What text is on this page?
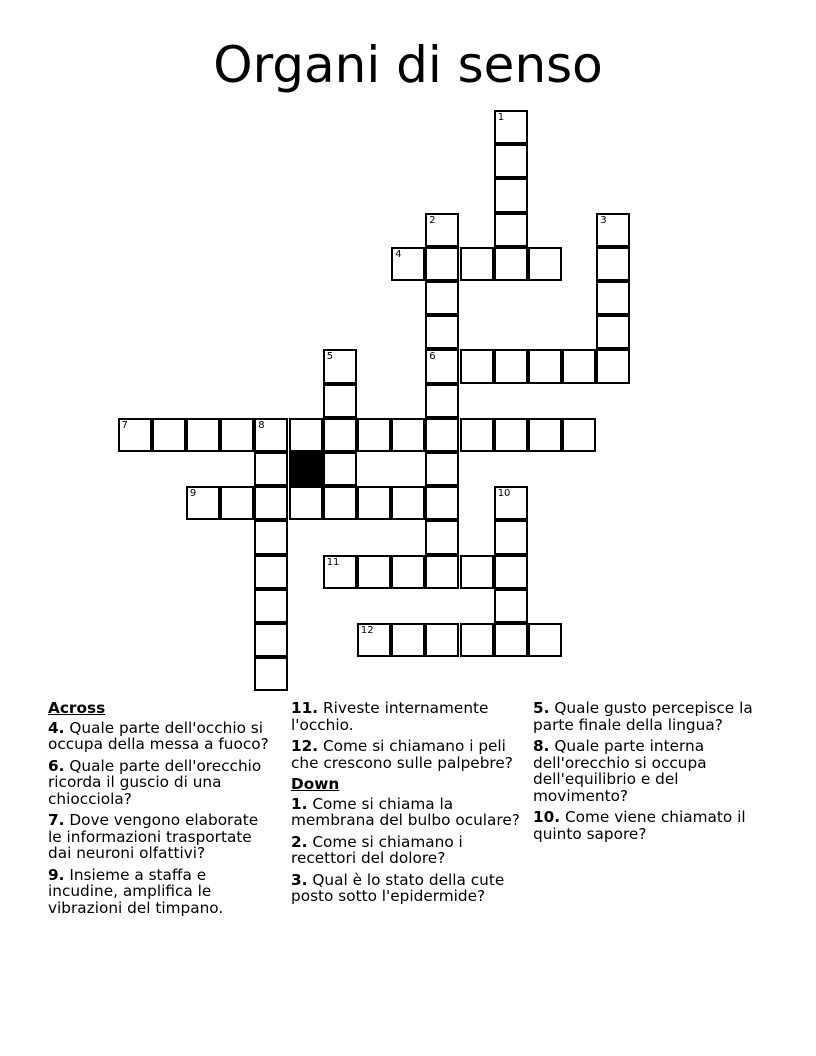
Organi di senso
1
2
6
3
4
5
7	8
9	10
11
12
Across
4. Quale parte dell'occhio si occupa della messa a fuoco?
6. Quale parte dell'orecchio ricorda il guscio di una chiocciola?
7. Dove vengono elaborate le informazioni trasportate dai neuroni olfattivi?
9. Insieme a staffa e incudine, amplifica le vibrazioni del timpano.
11. Riveste internamente l'occhio.
12. Come si chiamano i peli che crescono sulle palpebre?
Down
1. Come si chiama la membrana del bulbo oculare?
2. Come si chiamano i recettori del dolore?
3. Qual è lo stato della cute posto sotto l'epidermide?
5. Quale gusto percepisce la parte finale della lingua?
8. Quale parte interna dell'orecchio si occupa dell'equilibrio e del movimento?
10. Come viene chiamato il quinto sapore?
